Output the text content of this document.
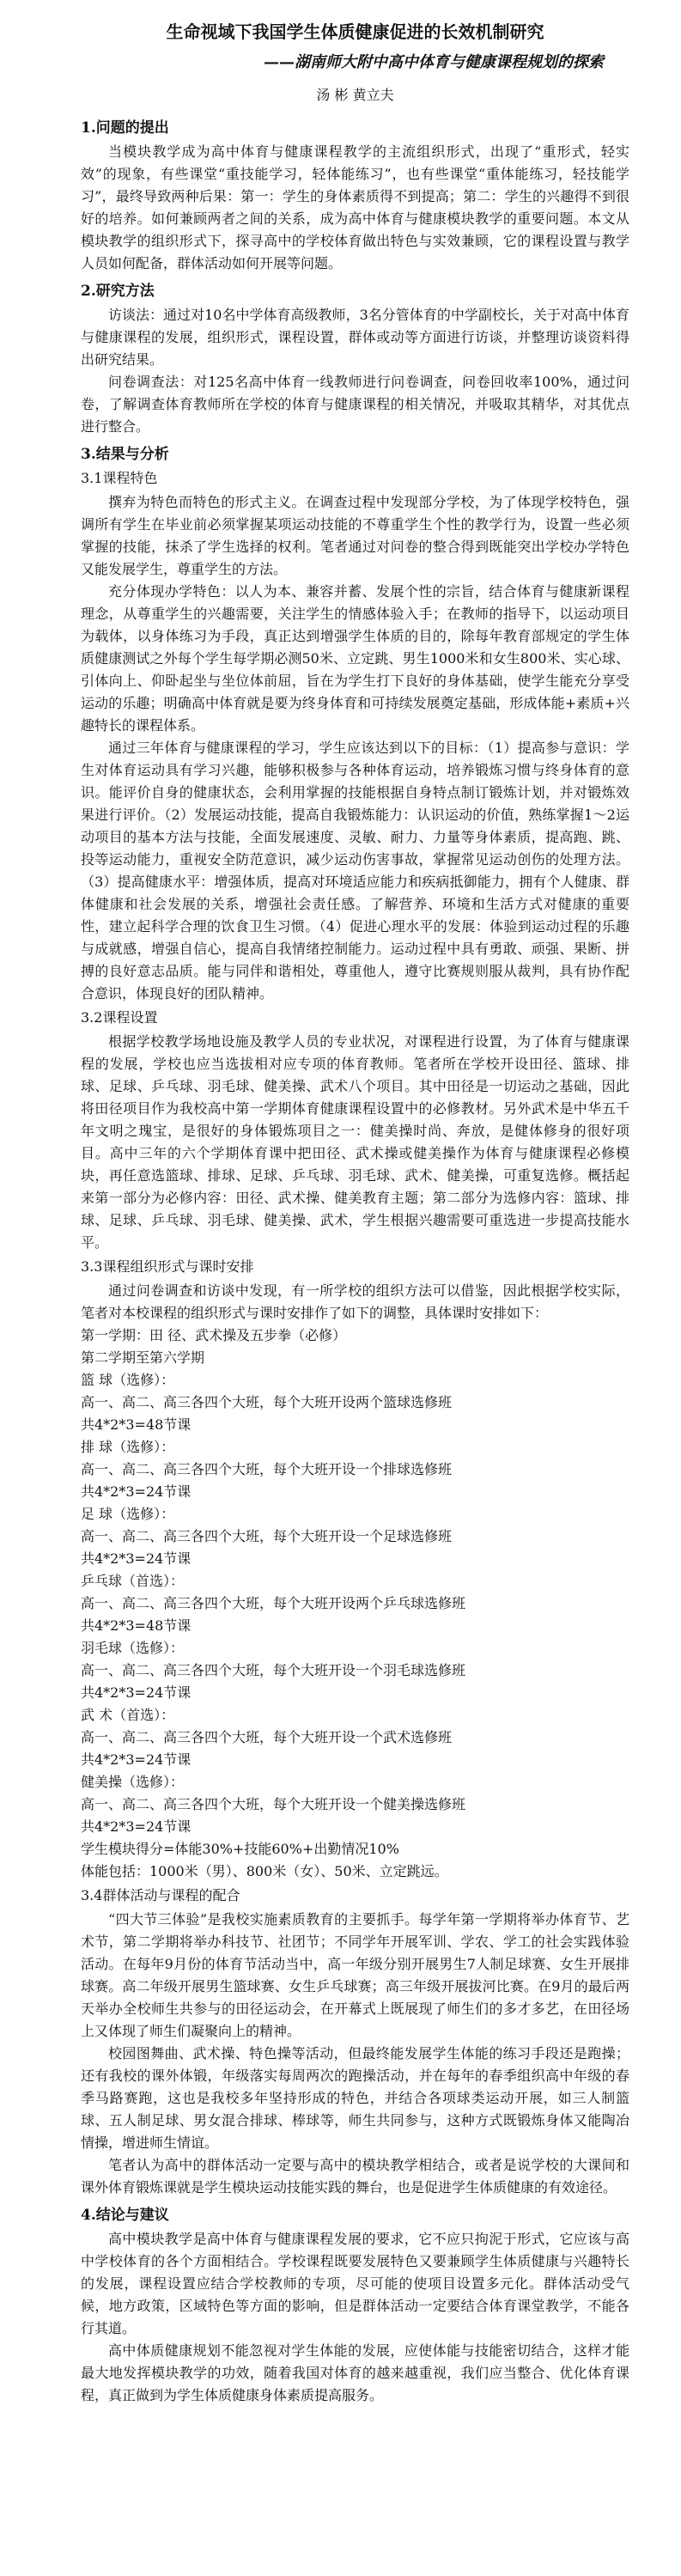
生命视域下我国学生体质健康促进的长效机制研究
——湖南师大附中高中体育与健康课程规划的探索
汤 彬 黄立夫
1.问题的提出

当模块教学成为高中体育与健康课程教学的主流组织形式，出现了“重形式，轻实效”的现象，有些课堂“重技能学习，轻体能练习”，也有些课堂“重体能练习，轻技能学习”，最终导致两种后果：第一：学生的身体素质得不到提高；第二：学生的兴趣得不到很好的培养。如何兼顾两者之间的关系，成为高中体育与健康模块教学的重要问题。本文从模块教学的组织形式下，探寻高中的学校体育做出特色与实效兼顾，它的课程设置与教学人员如何配备，群体活动如何开展等问题。

2.研究方法

访谈法：通过对10名中学体育高级教师，3名分管体育的中学副校长，关于对高中体育与健康课程的发展，组织形式，课程设置，群体或动等方面进行访谈，并整理访谈资料得出研究结果。

问卷调查法：对125名高中体育一线教师进行问卷调查，问卷回收率100%，通过问卷，了解调查体育教师所在学校的体育与健康课程的相关情况，并吸取其精华，对其优点进行整合。

3.结果与分析
3.1课程特色

撰弃为特色而特色的形式主义。在调查过程中发现部分学校，为了体现学校特色，强调所有学生在毕业前必须掌握某项运动技能的不尊重学生个性的教学行为，设置一些必须掌握的技能，抹杀了学生选择的权利。笔者通过对问卷的整合得到既能突出学校办学特色又能发展学生，尊重学生的方法。

充分体现办学特色：以人为本、兼容并蓄、发展个性的宗旨，结合体育与健康新课程理念，从尊重学生的兴趣需要，关注学生的情感体验入手；在教师的指导下，以运动项目为载体，以身体练习为手段，真正达到增强学生体质的目的，除每年教育部规定的学生体质健康测试之外每个学生每学期必测50米、立定跳、男生1000米和女生800米、实心球、引体向上、仰卧起坐与坐位体前屈，旨在为学生打下良好的身体基础，使学生能充分享受运动的乐趣；明确高中体育就是要为终身体育和可持续发展奠定基础，形成体能+素质+兴趣特长的课程体系。

通过三年体育与健康课程的学习，学生应该达到以下的目标：（1）提高参与意识：学生对体育运动具有学习兴趣，能够积极参与各种体育运动，培养锻炼习惯与终身体育的意识。能评价自身的健康状态，会利用掌握的技能根据自身特点制订锻炼计划，并对锻炼效果进行评价。（2）发展运动技能，提高自我锻炼能力：认识运动的价值，熟练掌握1～2运动项目的基本方法与技能，全面发展速度、灵敏、耐力、力量等身体素质，提高跑、跳、投等运动能力，重视安全防范意识，减少运动伤害事故，掌握常见运动创伤的处理方法。（3）提高健康水平：增强体质，提高对环境适应能力和疾病抵御能力，拥有个人健康、群体健康和社会发展的关系，增强社会责任感。了解营养、环境和生活方式对健康的重要性，建立起科学合理的饮食卫生习惯。（4）促进心理水平的发展：体验到运动过程的乐趣与成就感，增强自信心，提高自我情绪控制能力。运动过程中具有勇敢、顽强、果断、拼搏的良好意志品质。能与同伴和谐相处，尊重他人，遵守比赛规则服从裁判，具有协作配合意识，体现良好的团队精神。

3.2课程设置

根据学校教学场地设施及教学人员的专业状况，对课程进行设置，为了体育与健康课程的发展，学校也应当选拔相对应专项的体育教师。笔者所在学校开设田径、篮球、排球、足球、乒乓球、羽毛球、健美操、武术八个项目。其中田径是一切运动之基础，因此将田径项目作为我校高中第一学期体育健康课程设置中的必修教材。另外武术是中华五千年文明之瑰宝，是很好的身体锻炼项目之一：健美操时尚、奔放，是健体修身的很好项目。高中三年的六个学期体育课中把田径、武术操或健美操作为体育与健康课程必修模块，再任意选篮球、排球、足球、乒乓球、羽毛球、武术、健美操，可重复选修。概括起来第一部分为必修内容：田径、武术操、健美教育主题；第二部分为选修内容：篮球、排球、足球、乒乓球、羽毛球、健美操、武术，学生根据兴趣需要可重选进一步提高技能水平。

3.3课程组织形式与课时安排

通过问卷调查和访谈中发现，有一所学校的组织方法可以借鉴，因此根据学校实际，笔者对本校课程的组织形式与课时安排作了如下的调整，具体课时安排如下：

第一学期：田 径、武术操及五步拳（必修）
第二学期至第六学期
篮 球（选修）：
高一、高二、高三各四个大班，每个大班开设两个篮球选修班
共4*2*3=48节课
排 球（选修）：
高一、高二、高三各四个大班，每个大班开设一个排球选修班
共4*2*3=24节课
足 球（选修）：
高一、高二、高三各四个大班，每个大班开设一个足球选修班
共4*2*3=24节课
乒乓球（首选）：
高一、高二、高三各四个大班，每个大班开设两个乒乓球选修班
共4*2*3=48节课
羽毛球（选修）：
高一、高二、高三各四个大班，每个大班开设一个羽毛球选修班
共4*2*3=24节课
武 术（首选）：
高一、高二、高三各四个大班，每个大班开设一个武术选修班
共4*2*3=24节课
健美操（选修）：
高一、高二、高三各四个大班，每个大班开设一个健美操选修班
共4*2*3=24节课
学生模块得分=体能30%+技能60%+出勤情况10%
体能包括：1000米（男）、800米（女）、50米、立定跳远。
3.4群体活动与课程的配合

“四大节三体验”是我校实施素质教育的主要抓手。每学年第一学期将举办体育节、艺术节，第二学期将举办科技节、社团节；不同学年开展军训、学农、学工的社会实践体验活动。在每年9月份的体育节活动当中，高一年级分别开展男生7人制足球赛、女生开展排球赛。高二年级开展男生篮球赛、女生乒乓球赛；高三年级开展拔河比赛。在9月的最后两天举办全校师生共参与的田径运动会，在开幕式上既展现了师生们的多才多艺，在田径场上又体现了师生们凝聚向上的精神。

校园图舞曲、武术操、特色操等活动，但最终能发展学生体能的练习手段还是跑操；还有我校的课外体锻，年级落实每周两次的跑操活动，并在每年的春季组织高中年级的春季马路赛跑，这也是我校多年坚持形成的特色，并结合各项球类运动开展，如三人制篮球、五人制足球、男女混合排球、棒球等，师生共同参与，这种方式既锻炼身体又能陶冶情操，增进师生情谊。

笔者认为高中的群体活动一定要与高中的模块教学相结合，或者是说学校的大课间和课外体育锻炼课就是学生模块运动技能实践的舞台，也是促进学生体质健康的有效途径。

4.结论与建议

高中模块教学是高中体育与健康课程发展的要求，它不应只拘泥于形式，它应该与高中学校体育的各个方面相结合。学校课程既要发展特色又要兼顾学生体质健康与兴趣特长的发展，课程设置应结合学校教师的专项，尽可能的使项目设置多元化。群体活动受气候，地方政策，区域特色等方面的影响，但是群体活动一定要结合体育课堂教学，不能各行其道。

高中体质健康规划不能忽视对学生体能的发展，应使体能与技能密切结合，这样才能最大地发挥模块教学的功效，随着我国对体育的越来越重视，我们应当整合、优化体育课程，真正做到为学生体质健康身体素质提高服务。
